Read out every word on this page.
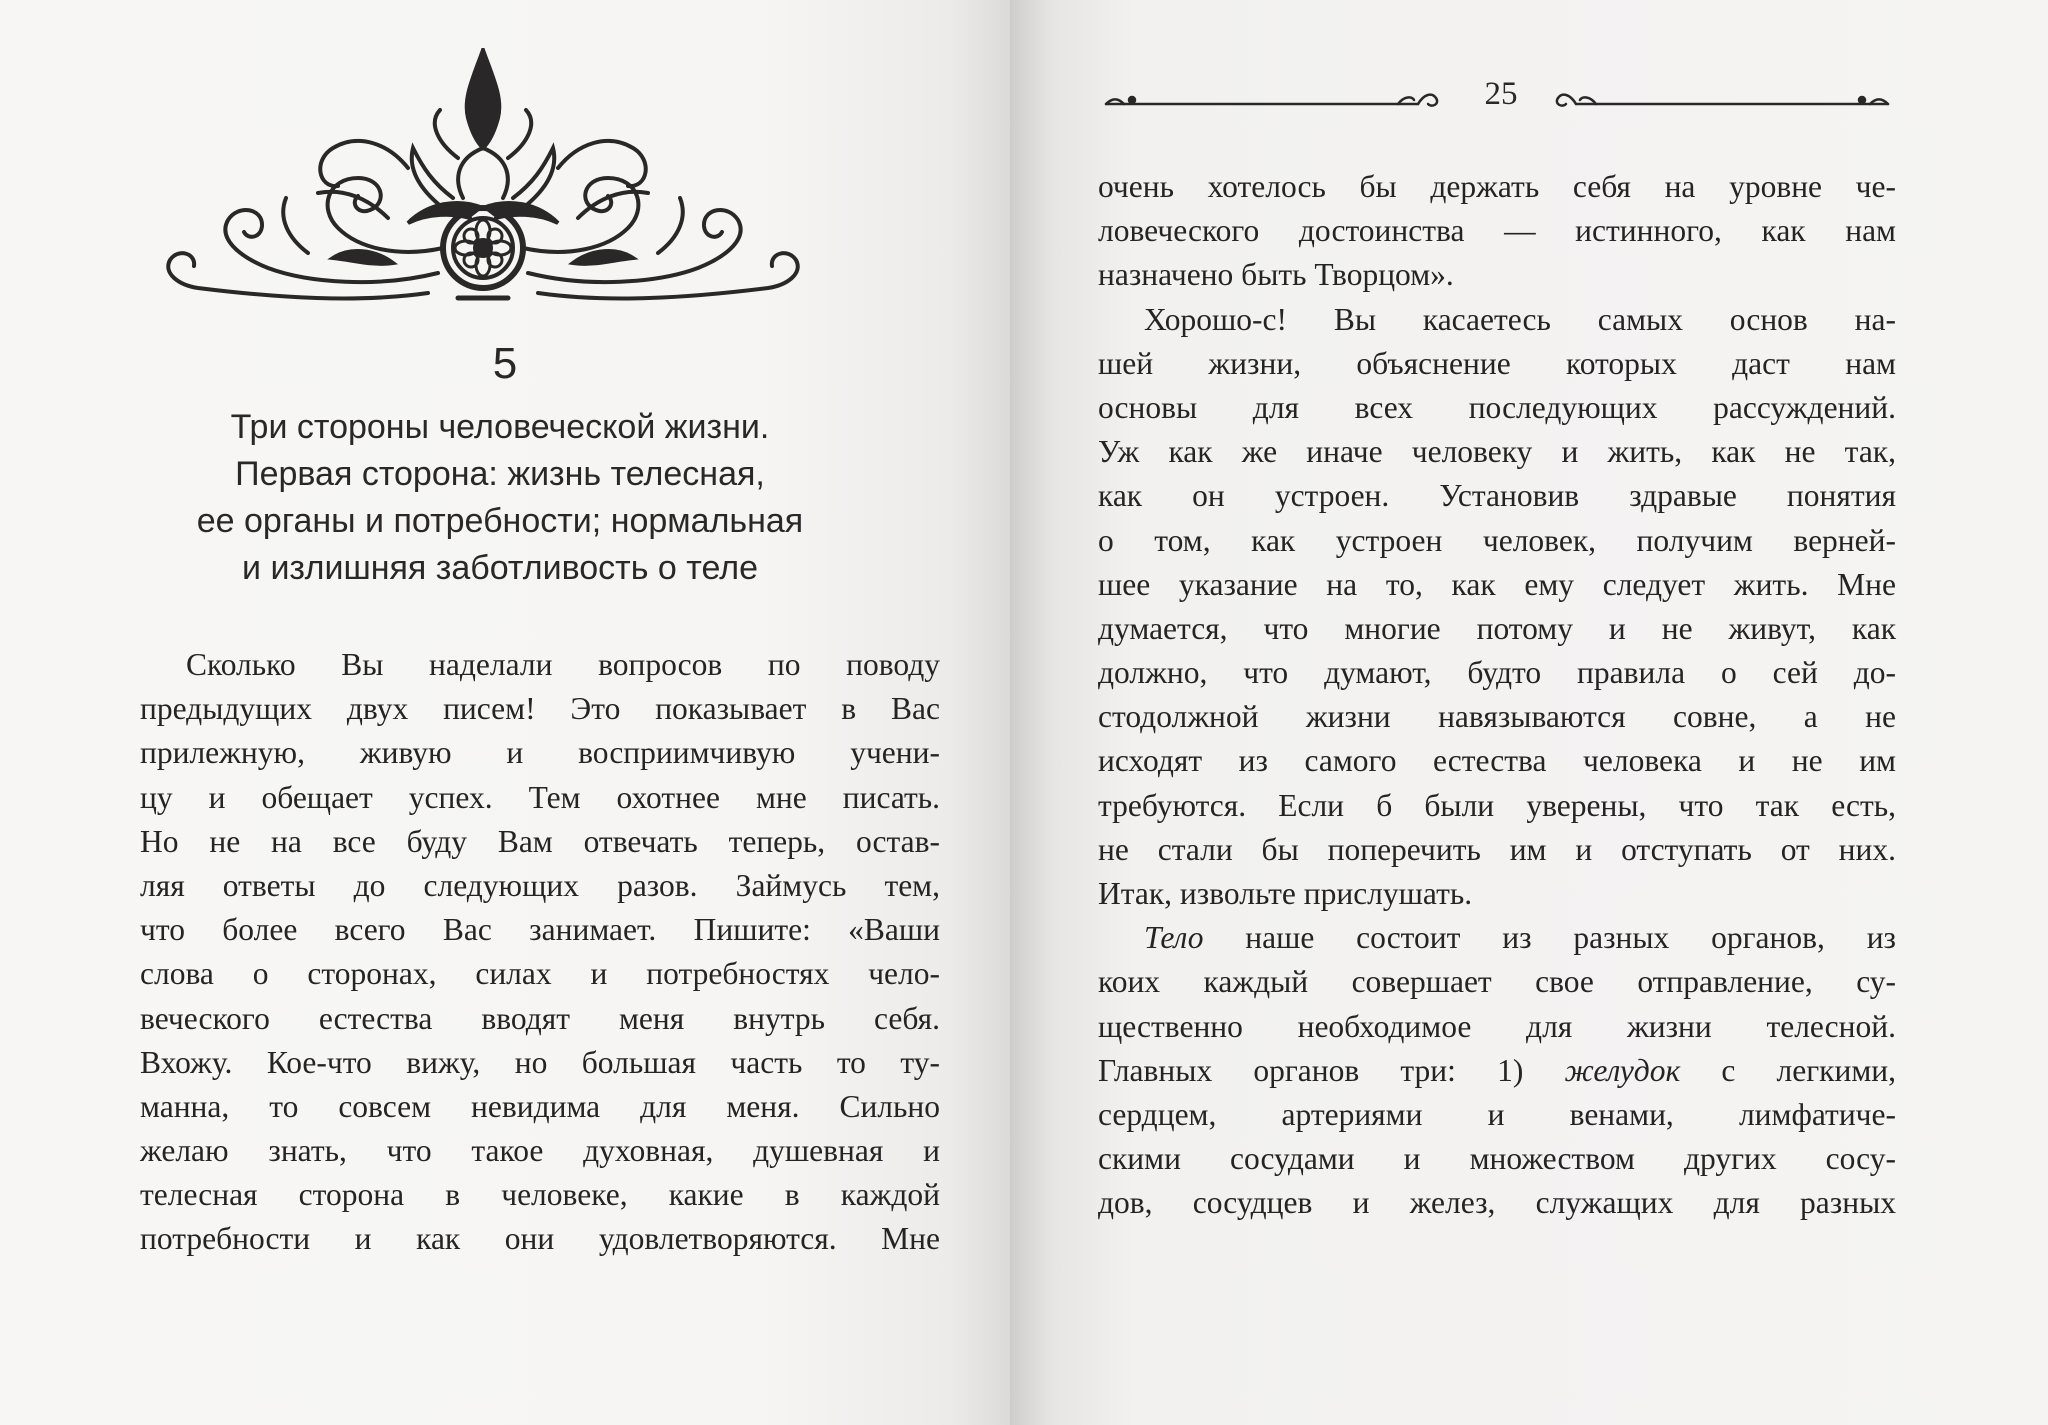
5
Три стороны человеческой жизни.
Первая сторона: жизнь телесная,
ее органы и потребности; нормальная
и излишняя заботливость о теле
Сколько Вы наделали вопросов по поводу
предыдущих двух писем! Это показывает в Вас
прилежную, живую и восприимчивую учени-
цу и обещает успех. Тем охотнее мне писать.
Но не на все буду Вам отвечать теперь, остав-
ляя ответы до следующих разов. Займусь тем,
что более всего Вас занимает. Пишите: «Ваши
слова о сторонах, силах и потребностях чело-
веческого естества вводят меня внутрь себя.
Вхожу. Кое-что вижу, но большая часть то ту-
манна, то совсем невидима для меня. Сильно
желаю знать, что такое духовная, душевная и
телесная сторона в человеке, какие в каждой
потребности и как они удовлетворяются. Мне
25
очень хотелось бы держать себя на уровне че-
ловеческого достоинства — истинного, как нам
назначено быть Творцом».
Хорошо-с! Вы касаетесь самых основ на-
шей жизни, объяснение которых даст нам
основы для всех последующих рассуждений.
Уж как же иначе человеку и жить, как не так,
как он устроен. Установив здравые понятия
о том, как устроен человек, получим верней-
шее указание на то, как ему следует жить. Мне
думается, что многие потому и не живут, как
должно, что думают, будто правила о сей до-
стодолжной жизни навязываются совне, а не
исходят из самого естества человека и не им
требуются. Если б были уверены, что так есть,
не стали бы поперечить им и отступать от них.
Итак, извольте прислушать.
Тело наше состоит из разных органов, из
коих каждый совершает свое отправление, су-
щественно необходимое для жизни телесной.
Главных органов три: 1) желудок с легкими,
сердцем, артериями и венами, лимфатиче-
скими сосудами и множеством других сосу-
дов, сосудцев и желез, служащих для разных
